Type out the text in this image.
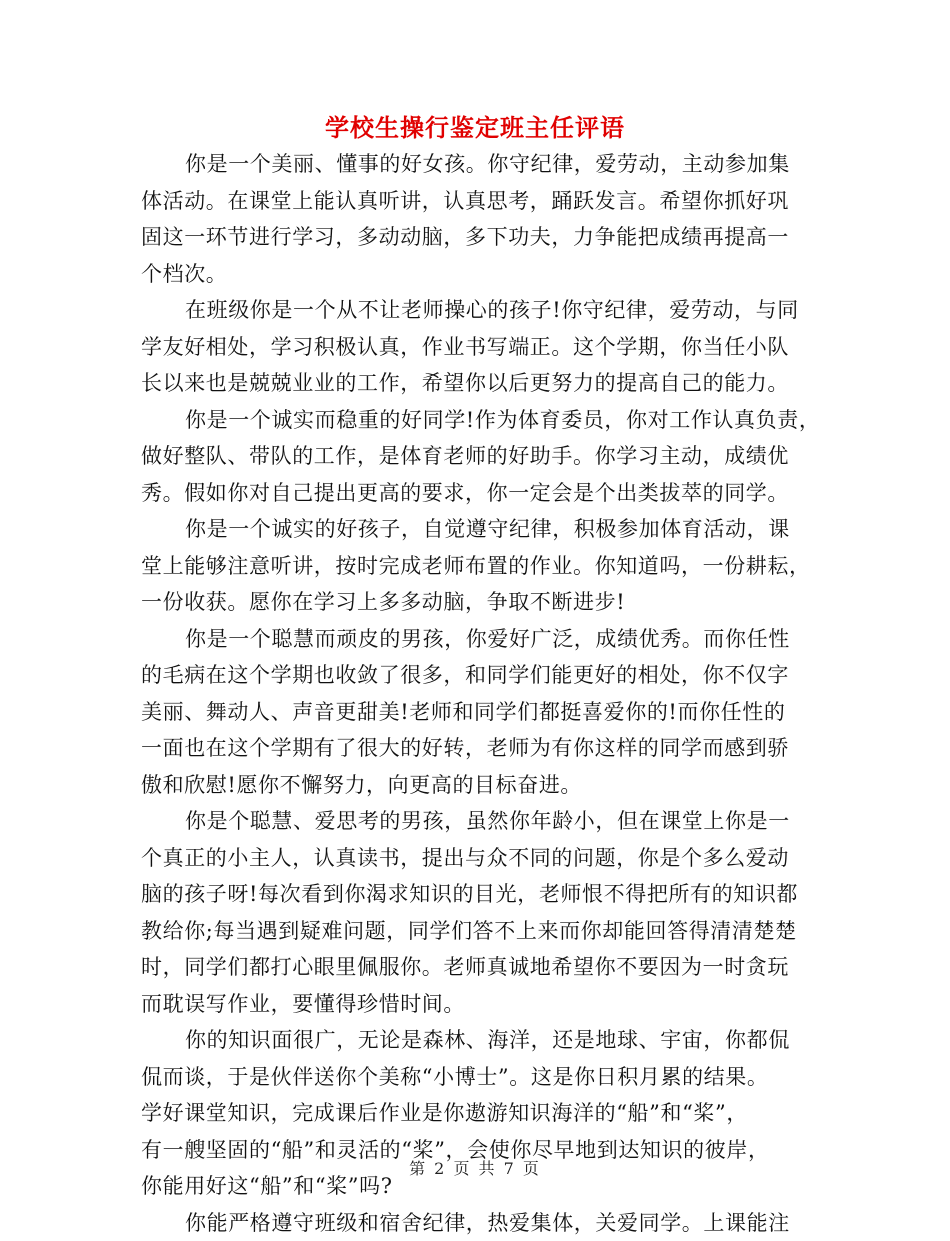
学校生操行鉴定班主任评语
你是一个美丽、懂事的好女孩。你守纪律，爱劳动，主动参加集
体活动。在课堂上能认真听讲，认真思考，踊跃发言。希望你抓好巩
固这一环节进行学习，多动动脑，多下功夫，力争能把成绩再提高一
个档次。
在班级你是一个从不让老师操心的孩子!你守纪律，爱劳动，与同
学友好相处，学习积极认真，作业书写端正。这个学期，你当任小队
长以来也是兢兢业业的工作，希望你以后更努力的提高自己的能力。
你是一个诚实而稳重的好同学!作为体育委员，你对工作认真负责，
做好整队、带队的工作，是体育老师的好助手。你学习主动，成绩优
秀。假如你对自己提出更高的要求，你一定会是个出类拔萃的同学。
你是一个诚实的好孩子，自觉遵守纪律，积极参加体育活动，课
堂上能够注意听讲，按时完成老师布置的作业。你知道吗，一份耕耘，
一份收获。愿你在学习上多多动脑，争取不断进步!
你是一个聪慧而顽皮的男孩，你爱好广泛，成绩优秀。而你任性
的毛病在这个学期也收敛了很多，和同学们能更好的相处，你不仅字
美丽、舞动人、声音更甜美!老师和同学们都挺喜爱你的!而你任性的
一面也在这个学期有了很大的好转，老师为有你这样的同学而感到骄
傲和欣慰!愿你不懈努力，向更高的目标奋进。
你是个聪慧、爱思考的男孩，虽然你年龄小，但在课堂上你是一
个真正的小主人，认真读书，提出与众不同的问题，你是个多么爱动
脑的孩子呀!每次看到你渴求知识的目光，老师恨不得把所有的知识都
教给你;每当遇到疑难问题，同学们答不上来而你却能回答得清清楚楚
时，同学们都打心眼里佩服你。老师真诚地希望你不要因为一时贪玩
而耽误写作业，要懂得珍惜时间。
你的知识面很广，无论是森林、海洋，还是地球、宇宙，你都侃
侃而谈，于是伙伴送你个美称“小博士”。这是你日积月累的结果。
学好课堂知识，完成课后作业是你遨游知识海洋的“船”和“桨”，
有一艘坚固的“船”和灵活的“桨”，会使你尽早地到达知识的彼岸，
你能用好这“船”和“桨”吗?
你能严格遵守班级和宿舍纪律，热爱集体，关爱同学。上课能注
第 2 页 共 7 页
